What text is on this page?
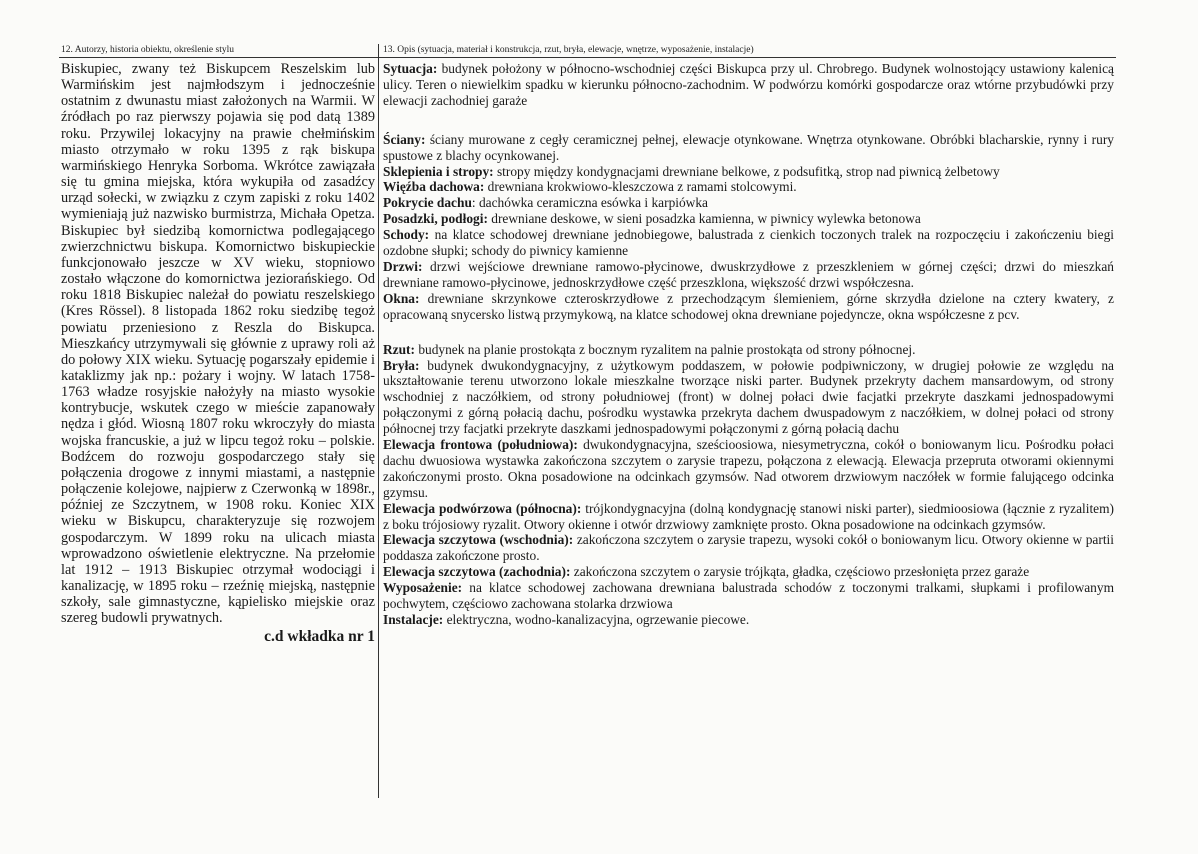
12. Autorzy, historia obiektu, określenie stylu	13. Opis (sytuacja, materiał i konstrukcja, rzut, bryła, elewacje, wnętrze, wyposażenie, instalacje)

Biskupiec, zwany też Biskupcem Reszelskim lub Warmińskim jest najmłodszym i jednocześnie ostatnim z dwunastu miast założonych na Warmii. W źródłach po raz pierwszy pojawia się pod datą 1389 roku. Przywilej lokacyjny na prawie chełmińskim miasto otrzymało w roku 1395 z rąk biskupa warmińskiego Henryka Sorboma. Wkrótce zawiązała się tu gmina miejska, która wykupiła od zasadźcy urząd sołecki, w związku z czym zapiski z roku 1402 wymieniają już nazwisko burmistrza, Michała Opetza. Biskupiec był siedzibą komornictwa podlegającego zwierzchnictwu biskupa. Komornictwo biskupieckie funkcjonowało jeszcze w XV wieku, stopniowo zostało włączone do komornictwa jeziorańskiego. Od roku 1818 Biskupiec należał do powiatu reszelskiego (Kres Rössel). 8 listopada 1862 roku siedzibę tegoż powiatu przeniesiono z Reszla do Biskupca. Mieszkańcy utrzymywali się głównie z uprawy roli aż do połowy XIX wieku. Sytuację pogarszały epidemie i kataklizmy jak np.: pożary i wojny. W latach 1758-1763 władze rosyjskie nałożyły na miasto wysokie kontrybucje, wskutek czego w mieście zapanowały nędza i głód. Wiosną 1807 roku wkroczyły do miasta wojska francuskie, a już w lipcu tegoż roku – polskie. Bodźcem do rozwoju gospodarczego stały się połączenia drogowe z innymi miastami, a następnie połączenie kolejowe, najpierw z Czerwonką w 1898r., później ze Szczytnem, w 1908 roku. Koniec XIX wieku w Biskupcu, charakteryzuje się rozwojem gospodarczym. W 1899 roku na ulicach miasta wprowadzono oświetlenie elektryczne. Na przełomie lat 1912 – 1913 Biskupiec otrzymał wodociągi i kanalizację, w 1895 roku – rzeźnię miejską, następnie szkoły, sale gimnastyczne, kąpielisko miejskie oraz szereg budowli prywatnych.

c.d wkładka nr 1

Sytuacja: budynek położony w północno-wschodniej części Biskupca przy ul. Chrobrego. Budynek wolnostojący ustawiony kalenicą ulicy. Teren o niewielkim spadku w kierunku północno-zachodnim. W podwórzu komórki gospodarcze oraz wtórne przybudówki przy elewacji zachodniej garaże

Ściany: ściany murowane z cegły ceramicznej pełnej, elewacje otynkowane. Wnętrza otynkowane. Obróbki blacharskie, rynny i rury spustowe z blachy ocynkowanej.

Sklepienia i stropy: stropy między kondygnacjami drewniane belkowe, z podsufitką, strop nad piwnicą żelbetowy

Więźba dachowa: drewniana krokwiowo-kleszczowa z ramami stolcowymi.

Pokrycie dachu: dachówka ceramiczna esówka i karpiówka

Posadzki, podłogi: drewniane deskowe, w sieni posadzka kamienna, w piwnicy wylewka betonowa

Schody: na klatce schodowej drewniane jednobiegowe, balustrada z cienkich toczonych tralek na rozpoczęciu i zakończeniu biegi ozdobne słupki; schody do piwnicy kamienne

Drzwi: drzwi wejściowe drewniane ramowo-płycinowe, dwuskrzydłowe z przeszkleniem w górnej części; drzwi do mieszkań drewniane ramowo-płycinowe, jednoskrzydłowe część przeszklona, większość drzwi współczesna.

Okna: drewniane skrzynkowe czteroskrzydłowe z przechodzącym ślemieniem, górne skrzydła dzielone na cztery kwatery, z opracowaną snycersko listwą przymykową, na klatce schodowej okna drewniane pojedyncze, okna współczesne z pcv.

Rzut: budynek na planie prostokąta z bocznym ryzalitem na palnie prostokąta od strony północnej.

Bryła: budynek dwukondygnacyjny, z użytkowym poddaszem, w połowie podpiwniczony, w drugiej połowie ze względu na ukształtowanie terenu utworzono lokale mieszkalne tworzące niski parter. Budynek przekryty dachem mansardowym, od strony wschodniej z naczółkiem, od strony południowej (front) w dolnej połaci dwie facjatki przekryte daszkami jednospadowymi połączonymi z górną połacią dachu, pośrodku wystawka przekryta dachem dwuspadowym z naczółkiem, w dolnej połaci od strony północnej trzy facjatki przekryte daszkami jednospadowymi połączonymi z górną połacią dachu

Elewacja frontowa (południowa): dwukondygnacyjna, sześcioosiowa, niesymetryczna, cokół o boniowanym licu. Pośrodku połaci dachu dwuosiowa wystawka zakończona szczytem o zarysie trapezu, połączona z elewacją. Elewacja przepruta otworami okiennymi zakończonymi prosto. Okna posadowione na odcinkach gzymsów. Nad otworem drzwiowym naczółek w formie falującego odcinka gzymsu.

Elewacja podwórzowa (północna): trójkondygnacyjna (dolną kondygnację stanowi niski parter), siedmioosiowa (łącznie z ryzalitem) z boku trójosiowy ryzalit. Otwory okienne i otwór drzwiowy zamknięte prosto. Okna posadowione na odcinkach gzymsów.

Elewacja szczytowa (wschodnia): zakończona szczytem o zarysie trapezu, wysoki cokół o boniowanym licu. Otwory okienne w partii poddasza zakończone prosto.

Elewacja szczytowa (zachodnia): zakończona szczytem o zarysie trójkąta, gładka, częściowo przesłonięta przez garaże

Wyposażenie: na klatce schodowej zachowana drewniana balustrada schodów z toczonymi tralkami, słupkami i profilowanym pochwytem, częściowo zachowana stolarka drzwiowa

Instalacje: elektryczna, wodno-kanalizacyjna, ogrzewanie piecowe.
